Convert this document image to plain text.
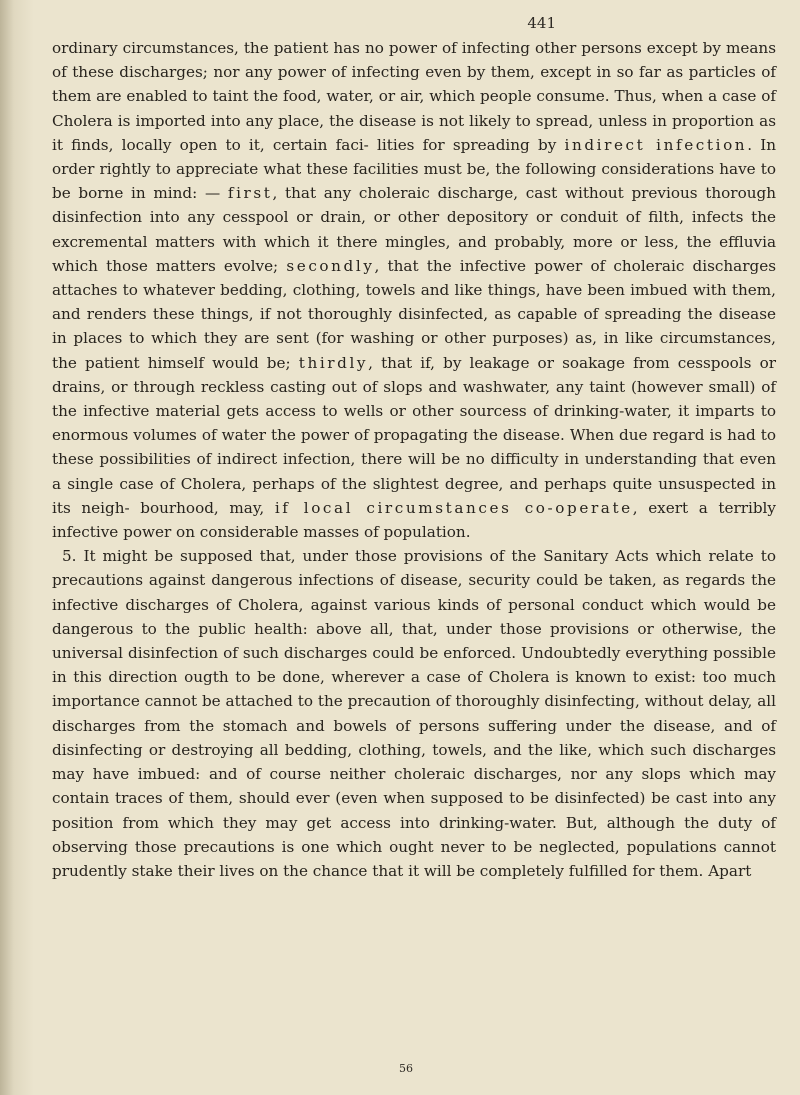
441

ordinary circumstances, the patient has no power of infecting other persons except by means of these discharges; nor any power of infecting even by them, except in so far as particles of them are enabled to taint the food, water, or air, which people consume. Thus, when a case of Cholera is imported into any place, the disease is not likely to spread, unless in proportion as it finds, locally open to it, certain faci- lities for spreading by indirect infection. In order rightly to appreciate what these facilities must be, the following considerations have to be borne in mind: — first, that any choleraic discharge, cast without previous thorough disinfection into any cesspool or drain, or other depository or conduit of filth, infects the excremental matters with which it there mingles, and probably, more or less, the effluvia which those matters evolve; secondly, that the infective power of choleraic discharges attaches to whatever bedding, clothing, towels and like things, have been imbued with them, and renders these things, if not thoroughly disinfected, as capable of spreading the disease in places to which they are sent (for washing or other purposes) as, in like circumstances, the patient himself would be; thirdly, that if, by leakage or soakage from cesspools or drains, or through reckless casting out of slops and washwater, any taint (however small) of the infective material gets access to wells or other sourcess of drinking-water, it imparts to enormous volumes of water the power of propagating the disease. When due regard is had to these possibilities of indirect infection, there will be no difficulty in understanding that even a single case of Cholera, perhaps of the slightest degree, and perhaps quite unsuspected in its neigh- bourhood, may, if local circumstances co-operate, exert a terribly infective power on considerable masses of population.

5. It might be supposed that, under those provisions of the Sanitary Acts which relate to precautions against dangerous infections of disease, security could be taken, as regards the infective discharges of Cholera, against various kinds of personal conduct which would be dangerous to the public health: above all, that, under those provisions or otherwise, the universal disinfection of such discharges could be enforced. Undoubtedly everything possible in this direction ougth to be done, wherever a case of Cholera is known to exist: too much importance cannot be attached to the precaution of thoroughly disinfecting, without delay, all discharges from the stomach and bowels of persons suffering under the disease, and of disinfecting or destroying all bedding, clothing, towels, and the like, which such discharges may have imbued: and of course neither choleraic discharges, nor any slops which may contain traces of them, should ever (even when supposed to be disinfected) be cast into any position from which they may get access into drinking-water. But, although the duty of observing those precautions is one which ought never to be neglected, populations cannot prudently stake their lives on the chance that it will be completely fulfilled for them. Apart

56
